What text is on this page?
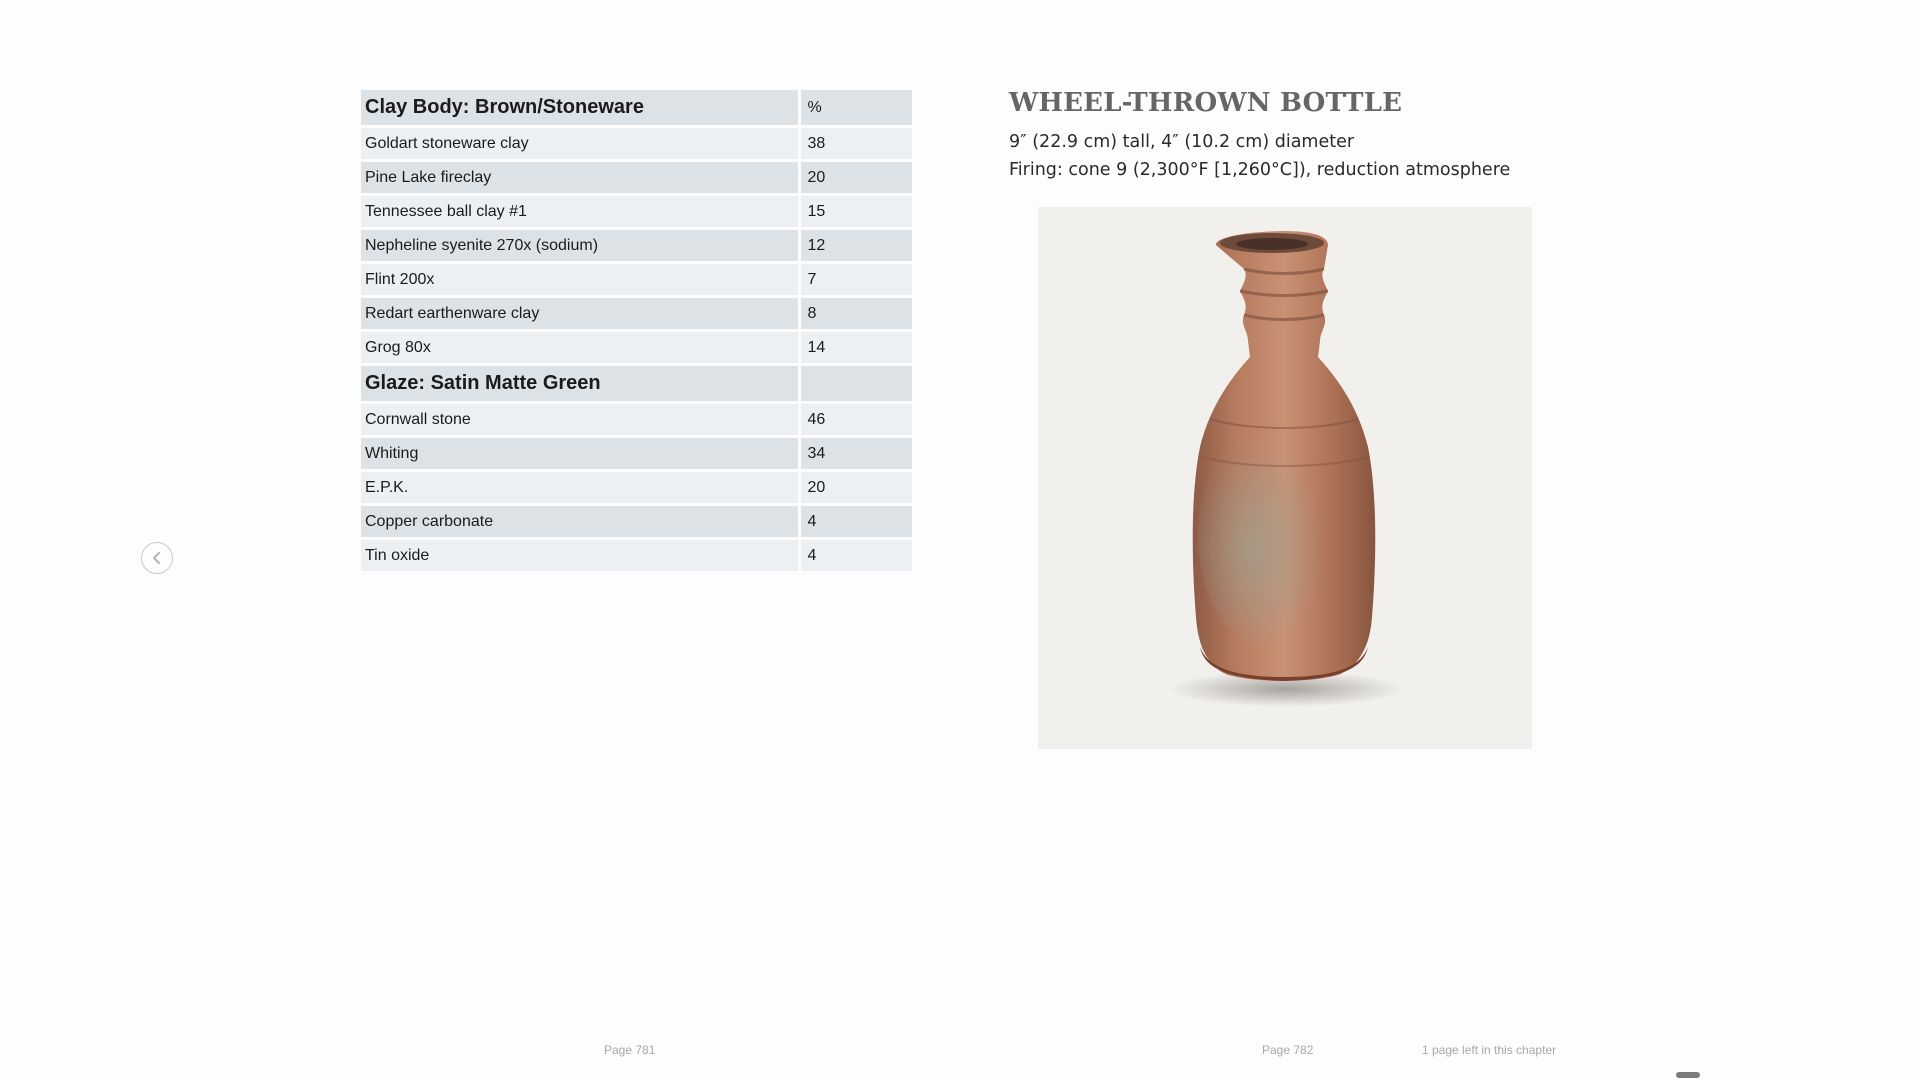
Clay Body: Brown/Stoneware		%
Goldart stoneware clay		38
Pine Lake fireclay		20
Tennessee ball clay #1		15
Nepheline syenite 270x (sodium)		12
Flint 200x		7
Redart earthenware clay		8
Grog 80x		14
Glaze: Satin Matte Green		
Cornwall stone		46
Whiting		34
E.P.K.		20
Copper carbonate		4
Tin oxide		4
WHEEL-THROWN BOTTLE

9″ (22.9 cm) tall, 4″ (10.2 cm) diameter

Firing: cone 9 (2,300°F [1,260°C]), reduction atmosphere

Page 781	Page 782	1 page left in this chapter
